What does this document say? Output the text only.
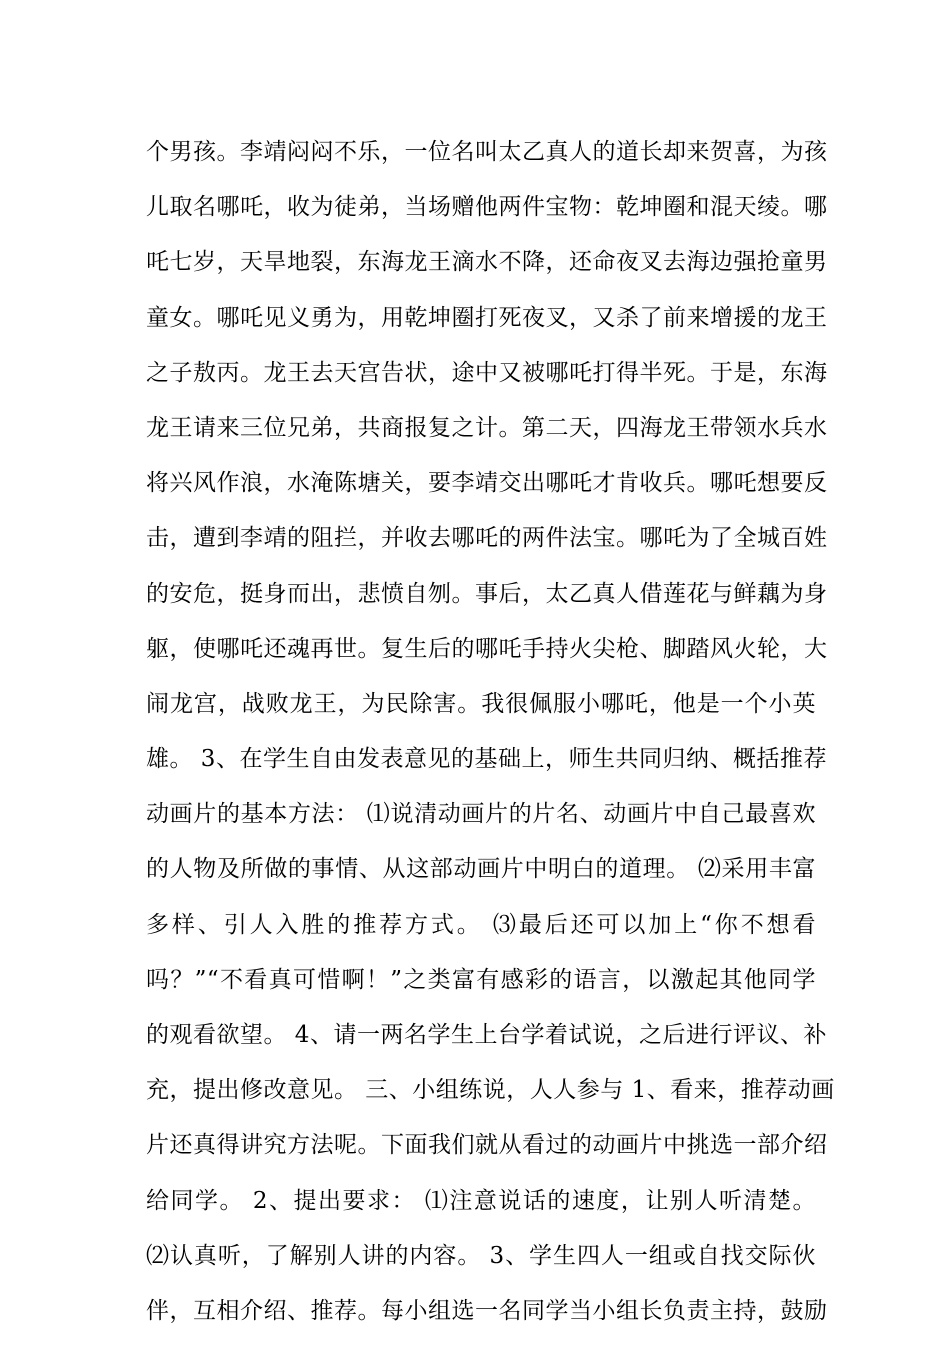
个男孩。李靖闷闷不乐，一位名叫太乙真人的道长却来贺喜，为孩
儿取名哪吒，收为徒弟，当场赠他两件宝物：乾坤圈和混天绫。哪
吒七岁，天旱地裂，东海龙王滴水不降，还命夜叉去海边强抢童男
童女。哪吒见义勇为，用乾坤圈打死夜叉，又杀了前来增援的龙王
之子敖丙。龙王去天宫告状，途中又被哪吒打得半死。于是，东海
龙王请来三位兄弟，共商报复之计。第二天，四海龙王带领水兵水
将兴风作浪，水淹陈塘关，要李靖交出哪吒才肯收兵。哪吒想要反
击，遭到李靖的阻拦，并收去哪吒的两件法宝。哪吒为了全城百姓
的安危，挺身而出，悲愤自刎。事后，太乙真人借莲花与鲜藕为身
躯，使哪吒还魂再世。复生后的哪吒手持火尖枪、脚踏风火轮，大
闹龙宫，战败龙王，为民除害。我很佩服小哪吒，他是一个小英
雄。 3、在学生自由发表意见的基础上，师生共同归纳、概括推荐
动画片的基本方法： ⑴说清动画片的片名、动画片中自己最喜欢
的人物及所做的事情、从这部动画片中明白的道理。 ⑵采用丰富
多样、引人入胜的推荐方式。 ⑶最后还可以加上“你不想看
吗？”“不看真可惜啊！”之类富有感彩的语言，以激起其他同学
的观看欲望。 4、请一两名学生上台学着试说，之后进行评议、补
充，提出修改意见。 三、小组练说，人人参与 1、看来，推荐动画
片还真得讲究方法呢。下面我们就从看过的动画片中挑选一部介绍
给同学。 2、提出要求： ⑴注意说话的速度，让别人听清楚。
⑵认真听，了解别人讲的内容。 3、学生四人一组或自找交际伙
伴，互相介绍、推荐。每小组选一名同学当小组长负责主持，鼓励
